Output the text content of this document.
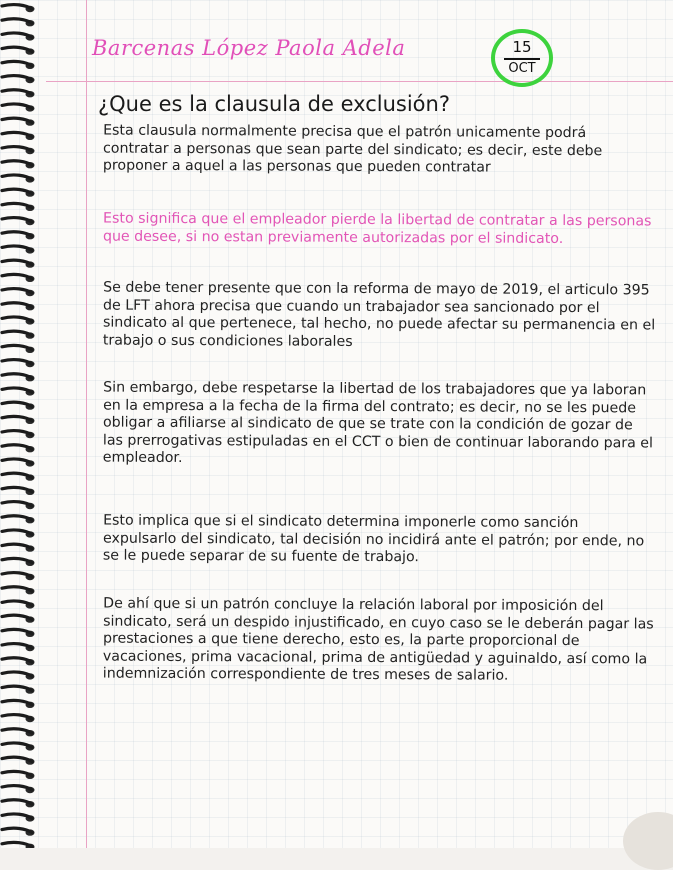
Barcenas López Paola Adela	15
OCT
¿Que es la clausula de exclusión?
Esta clausula normalmente precisa que el patrón unicamente podrá contratar a personas que sean parte del sindicato; es decir, este debe proponer a aquel a las personas que pueden contratar
Esto significa que el empleador pierde la libertad de contratar a las personas que desee, si no estan previamente autorizadas por el sindicato.
Se debe tener presente que con la reforma de mayo de 2019, el articulo 395 de LFT ahora precisa que cuando un trabajador sea sancionado por el sindicato al que pertenece, tal hecho, no puede afectar su permanencia en el trabajo o sus condiciones laborales
Sin embargo, debe respetarse la libertad de los trabajadores que ya laboran en la empresa a la fecha de la firma del contrato; es decir, no se les puede obligar a afiliarse al sindicato de que se trate con la condición de gozar de las prerrogativas estipuladas en el CCT o bien de continuar laborando para el empleador.
Esto implica que si el sindicato determina imponerle como sanción expulsarlo del sindicato, tal decisión no incidirá ante el patrón; por ende, no se le puede separar de su fuente de trabajo.
De ahí que si un patrón concluye la relación laboral por imposición del sindicato, será un despido injustificado, en cuyo caso se le deberán pagar las prestaciones a que tiene derecho, esto es, la parte proporcional de vacaciones, prima vacacional, prima de antigüedad y aguinaldo, así como la indemnización correspondiente de tres meses de salario.
